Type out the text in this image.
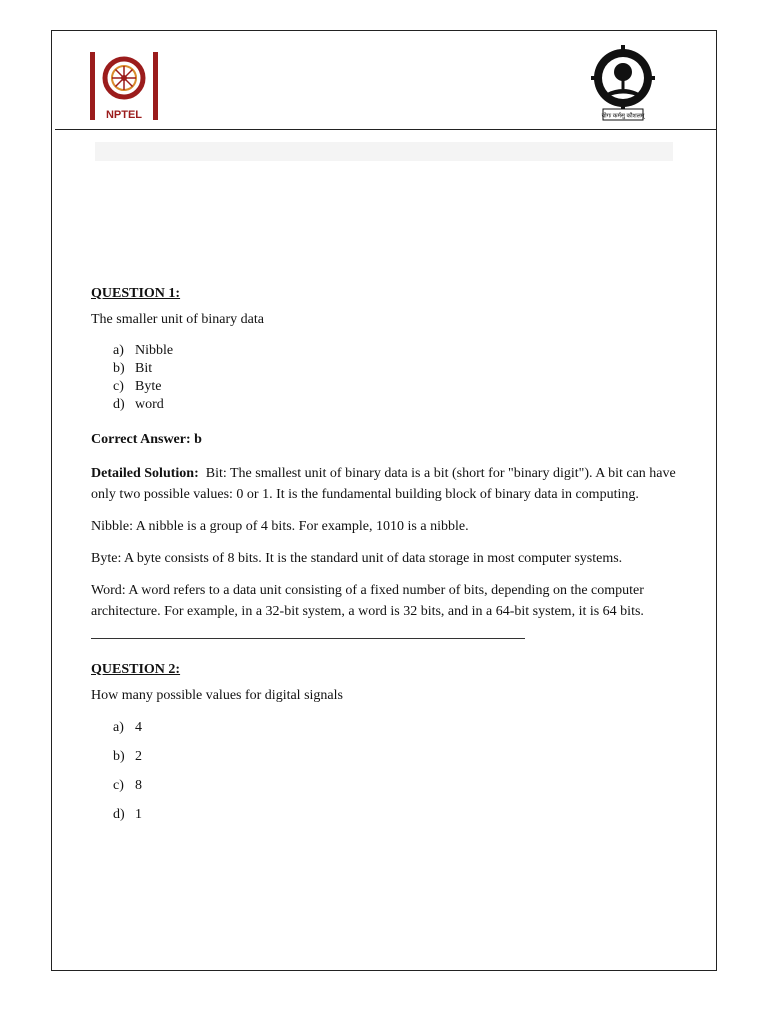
NPTEL	योगः कर्मसु कौशलम्

QUESTION 1:

The smaller unit of binary data

a) Nibble
b) Bit
c) Byte
d) word

Correct Answer: b

Detailed Solution: Bit: The smallest unit of binary data is a bit (short for "binary digit"). A bit can have only two possible values: 0 or 1. It is the fundamental building block of binary data in computing.

Nibble: A nibble is a group of 4 bits. For example, 1010 is a nibble.

Byte: A byte consists of 8 bits. It is the standard unit of data storage in most computer systems.

Word: A word refers to a data unit consisting of a fixed number of bits, depending on the computer architecture. For example, in a 32-bit system, a word is 32 bits, and in a 64-bit system, it is 64 bits.

QUESTION 2:

How many possible values for digital signals

a) 4
b) 2
c) 8
d) 1
